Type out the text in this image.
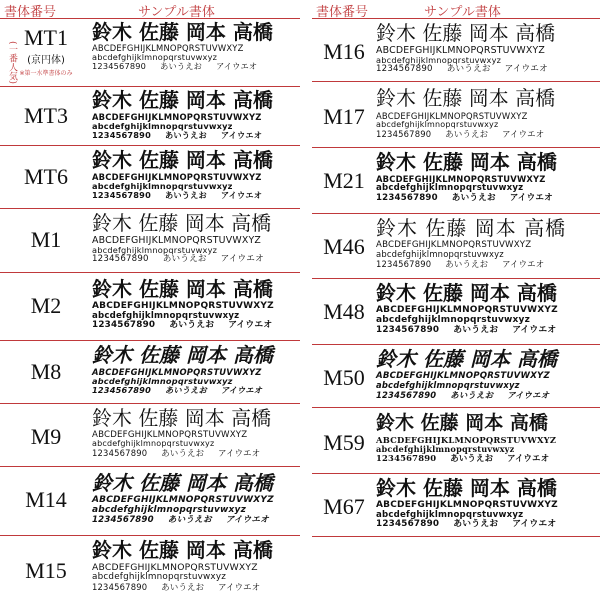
書体番号	サンプル書体
(一番人気)
MT1
(京円体)
※第一水準書体のみ
鈴木 佐藤 岡本 高橋
ABCDEFGHIJKLMNOPQRSTUVWXYZ
abcdefghijklmnopqrstuvwxyz
1234567890 あいうえお アイウエオ
MT3
鈴木 佐藤 岡本 高橋
ABCDEFGHIJKLMNOPQRSTUVWXYZ
abcdefghijklmnopqrstuvwxyz
1234567890 あいうえお アイウエオ
MT6
鈴木 佐藤 岡本 高橋
ABCDEFGHIJKLMNOPQRSTUVWXYZ
abcdefghijklmnopqrstuvwxyz
1234567890 あいうえお アイウエオ
M1
鈴木 佐藤 岡本 高橋
ABCDEFGHIJKLMNOPQRSTUVWXYZ
abcdefghijklmnopqrstuvwxyz
1234567890 あいうえお アイウエオ
M2
鈴木 佐藤 岡本 高橋
ABCDEFGHIJKLMNOPQRSTUVWXYZ
abcdefghijklmnopqrstuvwxyz
1234567890 あいうえお アイウエオ
M8
鈴木 佐藤 岡本 高橋
ABCDEFGHIJKLMNOPQRSTUVWXYZ
abcdefghijklmnopqrstuvwxyz
1234567890 あいうえお アイウエオ
M9
鈴木 佐藤 岡本 高橋
ABCDEFGHIJKLMNOPQRSTUVWXYZ
abcdefghijklmnopqrstuvwxyz
1234567890 あいうえお アイウエオ
M14
鈴木 佐藤 岡本 高橋
ABCDEFGHIJKLMNOPQRSTUVWXYZ
abcdefghijklmnopqrstuvwxyz
1234567890 あいうえお アイウエオ
M15
鈴木 佐藤 岡本 高橋
ABCDEFGHIJKLMNOPQRSTUVWXYZ
abcdefghijklmnopqrstuvwxyz
1234567890 あいうえお アイウエオ
書体番号	サンプル書体
M16
鈴木 佐藤 岡本 高橋
ABCDEFGHIJKLMNOPQRSTUVWXYZ
abcdefghijklmnopqrstuvwxyz
1234567890 あいうえお アイウエオ
M17
鈴木 佐藤 岡本 高橋
ABCDEFGHIJKLMNOPQRSTUVWXYZ
abcdefghijklmnopqrstuvwxyz
1234567890 あいうえお アイウエオ
M21
鈴木 佐藤 岡本 高橋
ABCDEFGHIJKLMNOPQRSTUVWXYZ
abcdefghijklmnopqrstuvwxyz
1234567890 あいうえお アイウエオ
M46
鈴木 佐藤 岡本 高橋
ABCDEFGHIJKLMNOPQRSTUVWXYZ
abcdefghijklmnopqrstuvwxyz
1234567890 あいうえお アイウエオ
M48
鈴木 佐藤 岡本 高橋
ABCDEFGHIJKLMNOPQRSTUVWXYZ
abcdefghijklmnopqrstuvwxyz
1234567890 あいうえお アイウエオ
M50
鈴木 佐藤 岡本 高橋
ABCDEFGHIJKLMNOPQRSTUVWXYZ
abcdefghijklmnopqrstuvwxyz
1234567890 あいうえお アイウエオ
M59
鈴木 佐藤 岡本 高橋
ABCDEFGHIJKLMNOPQRSTUVWXYZ
abcdefghijklmnopqrstuvwxyz
1234567890 あいうえお アイウエオ
M67
鈴木 佐藤 岡本 高橋
ABCDEFGHIJKLMNOPQRSTUVWXYZ
abcdefghijklmnopqrstuvwxyz
1234567890 あいうえお アイウエオ
